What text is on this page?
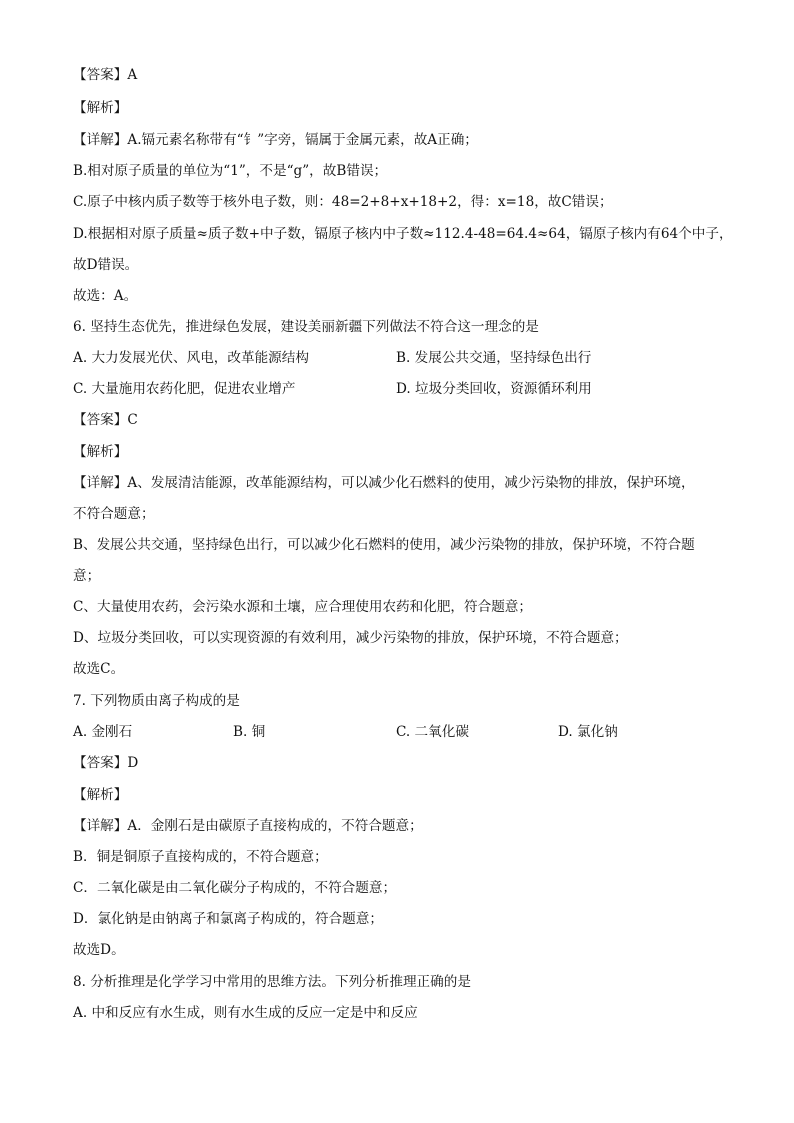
【答案】A
【解析】
【详解】A.镉元素名称带有“钅”字旁，镉属于金属元素，故A正确；
B.相对原子质量的单位为“1”，不是“g”，故B错误；
C.原子中核内质子数等于核外电子数，则：48=2+8+x+18+2，得：x=18，故C错误；
D.根据相对原子质量≈质子数+中子数，镉原子核内中子数≈112.4-48=64.4≈64，镉原子核内有64个中子，
故D错误。
故选：A。
6. 坚持生态优先，推进绿色发展，建设美丽新疆下列做法不符合这一理念的是
A. 大力发展光伏、风电，改革能源结构	B. 发展公共交通，坚持绿色出行
C. 大量施用农药化肥，促进农业增产	D. 垃圾分类回收，资源循环利用
【答案】C
【解析】
【详解】A、发展清洁能源，改革能源结构，可以减少化石燃料的使用，减少污染物的排放，保护环境，
不符合题意；
B、发展公共交通，坚持绿色出行，可以减少化石燃料的使用，减少污染物的排放，保护环境，不符合题
意；
C、大量使用农药，会污染水源和土壤，应合理使用农药和化肥，符合题意；
D、垃圾分类回收，可以实现资源的有效利用，减少污染物的排放，保护环境，不符合题意；
故选C。
7. 下列物质由离子构成的是
A. 金刚石	B. 铜	C. 二氧化碳	D. 氯化钠
【答案】D
【解析】
【详解】A．金刚石是由碳原子直接构成的，不符合题意；
B．铜是铜原子直接构成的，不符合题意；
C．二氧化碳是由二氧化碳分子构成的，不符合题意；
D．氯化钠是由钠离子和氯离子构成的，符合题意；
故选D。
8. 分析推理是化学学习中常用的思维方法。下列分析推理正确的是
A. 中和反应有水生成，则有水生成的反应一定是中和反应
